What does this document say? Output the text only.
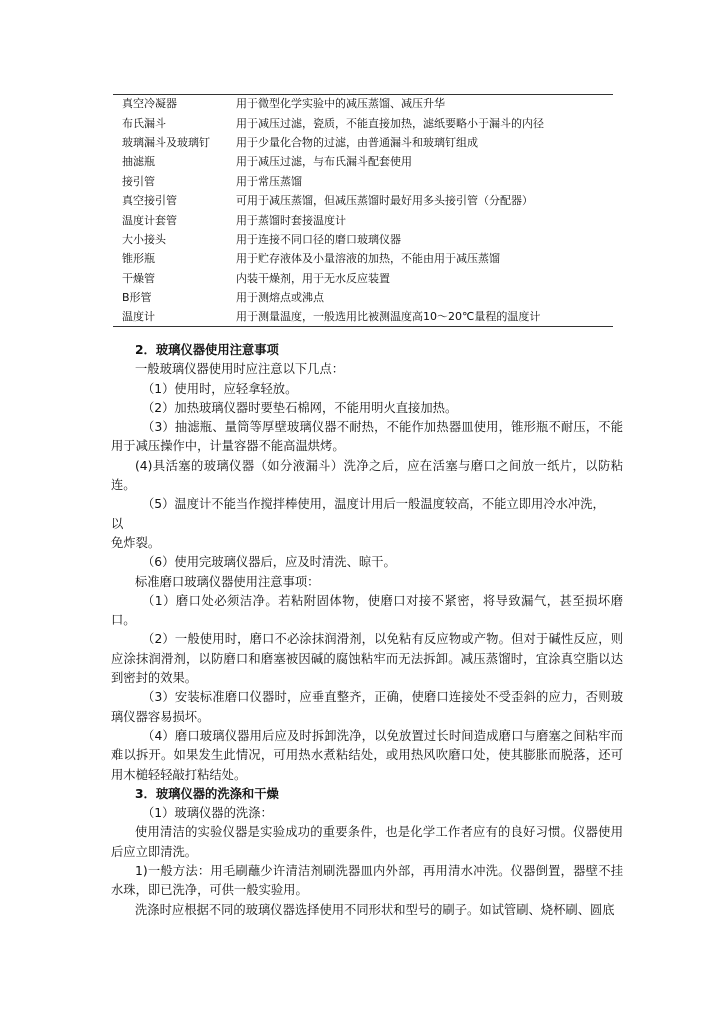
真空冷凝器	用于微型化学实验中的减压蒸馏、减压升华
布氏漏斗	用于减压过滤，瓷质，不能直接加热，滤纸要略小于漏斗的内径
玻璃漏斗及玻璃钉	用于少量化合物的过滤，由普通漏斗和玻璃钉组成
抽滤瓶	用于减压过滤，与布氏漏斗配套使用
接引管	用于常压蒸馏
真空接引管	可用于减压蒸馏，但减压蒸馏时最好用多头接引管（分配器）
温度计套管	用于蒸馏时套接温度计
大小接头	用于连接不同口径的磨口玻璃仪器
锥形瓶	用于贮存液体及小量溶液的加热，不能由用于减压蒸馏
干燥管	内装干燥剂，用于无水反应装置
B形管	用于测熔点或沸点
温度计	用于测量温度，一般选用比被测温度高10～20℃量程的温度计
2．玻璃仪器使用注意事项

一般玻璃仪器使用时应注意以下几点：

（1）使用时，应轻拿轻放。

（2）加热玻璃仪器时要垫石棉网，不能用明火直接加热。

（3）抽滤瓶、量筒等厚壁玻璃仪器不耐热，不能作加热器皿使用，锥形瓶不耐压，不能用于减压操作中，计量容器不能高温烘烤。

(4)具活塞的玻璃仪器（如分液漏斗）洗净之后，应在活塞与磨口之间放一纸片，以防粘连。

（5）温度计不能当作搅拌棒使用，温度计用后一般温度较高，不能立即用冷水冲洗，

以

免炸裂。

（6）使用完玻璃仪器后，应及时清洗、晾干。

标准磨口玻璃仪器使用注意事项：

（1）磨口处必须洁净。若粘附固体物，使磨口对接不紧密，将导致漏气，甚至损坏磨口。

（2）一般使用时，磨口不必涂抹润滑剂，以免粘有反应物或产物。但对于碱性反应，则应涂抹润滑剂，以防磨口和磨塞被因碱的腐蚀粘牢而无法拆卸。减压蒸馏时，宜涂真空脂以达到密封的效果。

（3）安装标准磨口仪器时，应垂直整齐，正确，使磨口连接处不受歪斜的应力，否则玻璃仪器容易损坏。

（4）磨口玻璃仪器用后应及时拆卸洗净，以免放置过长时间造成磨口与磨塞之间粘牢而难以拆开。如果发生此情况，可用热水煮粘结处，或用热风吹磨口处，使其膨胀而脱落，还可用木槌轻轻敲打粘结处。

3．玻璃仪器的洗涤和干燥

（1）玻璃仪器的洗涤：

使用清洁的实验仪器是实验成功的重要条件，也是化学工作者应有的良好习惯。仪器使用后应立即清洗。

1)一般方法：用毛刷蘸少许清洁剂刷洗器皿内外部，再用清水冲洗。仪器倒置，器壁不挂水珠，即已洗净，可供一般实验用。

洗涤时应根据不同的玻璃仪器选择使用不同形状和型号的刷子。如试管刷、烧杯刷、圆底
